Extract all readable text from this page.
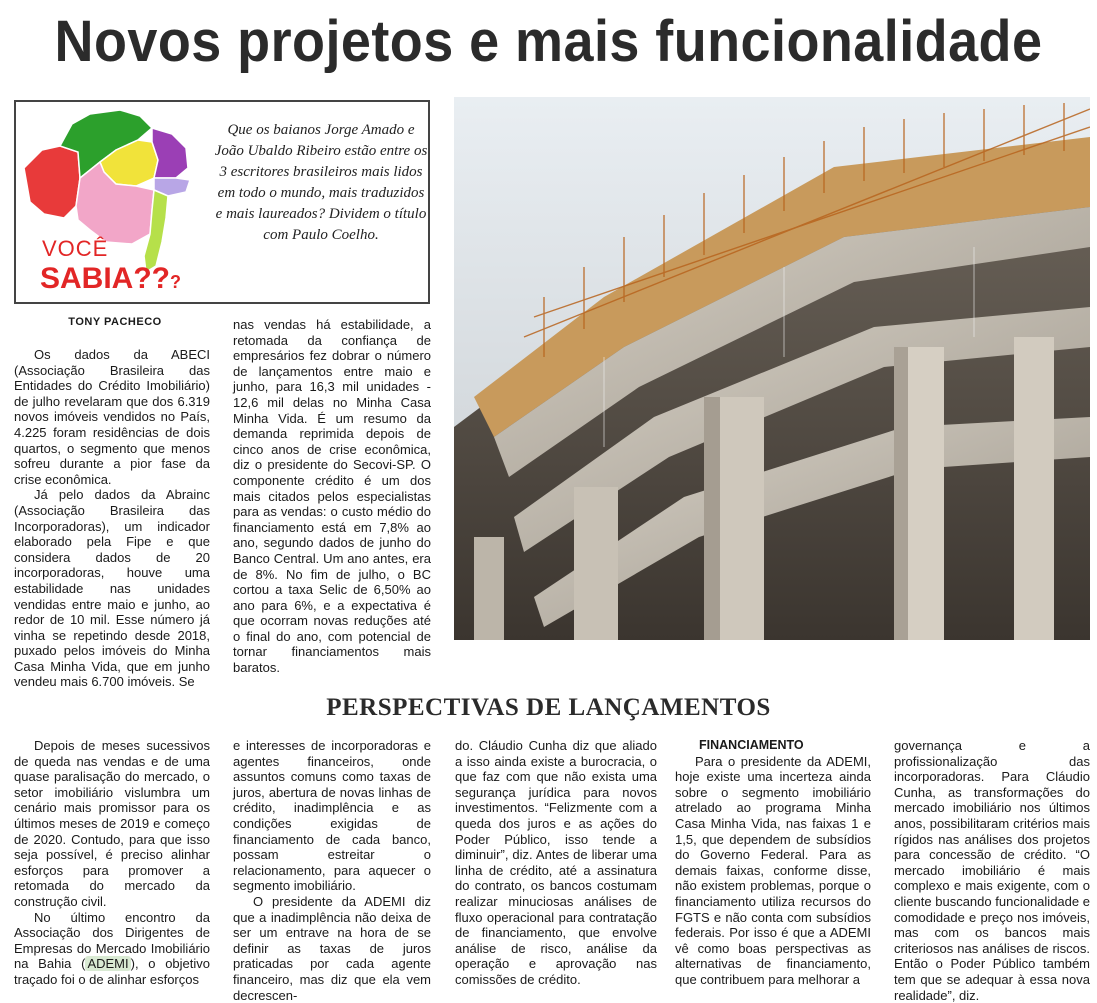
Novos projetos e mais funcionalidade
VOCÊ
SABIA???
Que os baianos Jorge Amado e João Ubaldo Ribeiro estão entre os 3 escritores brasileiros mais lidos em todo o mundo, mais traduzidos e mais laureados? Dividem o título com Paulo Coelho.
TONY PACHECO

Os dados da ABECI (Associação Brasileira das Entidades do Crédito Imobiliário) de julho revelaram que dos 6.319 novos imóveis vendidos no País, 4.225 foram residências de dois quartos, o segmento que menos sofreu durante a pior fase da crise econômica.

Já pelo dados da Abrainc (Associação Brasileira das Incorporadoras), um indicador elaborado pela Fipe e que considera dados de 20 incorporadoras, houve uma estabilidade nas unidades vendidas entre maio e junho, ao redor de 10 mil. Esse número já vinha se repetindo desde 2018, puxado pelos imóveis do Minha Casa Minha Vida, que em junho vendeu mais 6.700 imóveis. Se

nas vendas há estabilidade, a retomada da confiança de empresários fez dobrar o número de lançamentos entre maio e junho, para 16,3 mil unidades - 12,6 mil delas no Minha Casa Minha Vida. É um resumo da demanda reprimida depois de cinco anos de crise econômica, diz o presidente do Secovi-SP. O componente crédito é um dos mais citados pelos especialistas para as vendas: o custo médio do financiamento está em 7,8% ao ano, segundo dados de junho do Banco Central. Um ano antes, era de 8%. No fim de julho, o BC cortou a taxa Selic de 6,50% ao ano para 6%, e a expectativa é que ocorram novas reduções até o final do ano, com potencial de tornar financiamentos mais baratos.

PERSPECTIVAS DE LANÇAMENTOS

Depois de meses sucessivos de queda nas vendas e de uma quase paralisação do mercado, o setor imobiliário vislumbra um cenário mais promissor para os últimos meses de 2019 e começo de 2020. Contudo, para que isso seja possível, é preciso alinhar esforços para promover a retomada do mercado da construção civil.

No último encontro da Associação dos Dirigentes de Empresas do Mercado Imobiliário na Bahia ( ADEMI ), o objetivo traçado foi o de alinhar esforços

e interesses de incorporadoras e agentes financeiros, onde assuntos comuns como taxas de juros, abertura de novas linhas de crédito, inadimplência e as condições exigidas de financiamento de cada banco, possam estreitar o relacionamento, para aquecer o segmento imobiliário.

O presidente da ADEMI diz que a inadimplência não deixa de ser um entrave na hora de se definir as taxas de juros praticadas por cada agente financeiro, mas diz que ela vem decrescen-

do. Cláudio Cunha diz que aliado a isso ainda existe a burocracia, o que faz com que não exista uma segurança jurídica para novos investimentos. “Felizmente com a queda dos juros e as ações do Poder Público, isso tende a diminuir”, diz. Antes de liberar uma linha de crédito, até a assinatura do contrato, os bancos costumam realizar minuciosas análises de fluxo operacional para contratação de financiamento, que envolve análise de risco, análise da operação e aprovação nas comissões de crédito.

FINANCIAMENTO

Para o presidente da ADEMI, hoje existe uma incerteza ainda sobre o segmento imobiliário atrelado ao programa Minha Casa Minha Vida, nas faixas 1 e 1,5, que dependem de subsídios do Governo Federal. Para as demais faixas, conforme disse, não existem problemas, porque o financiamento utiliza recursos do FGTS e não conta com subsídios federais. Por isso é que a ADEMI vê como boas perspectivas as alternativas de financiamento, que contribuem para melhorar a

governança e a profissionalização das incorporadoras. Para Cláudio Cunha, as transformações do mercado imobiliário nos últimos anos, possibilitaram critérios mais rígidos nas análises dos projetos para concessão de crédito. “O mercado imobiliário é mais complexo e mais exigente, com o cliente buscando funcionalidade e comodidade e preço nos imóveis, mas com os bancos mais criteriosos nas análises de riscos. Então o Poder Público também tem que se adequar à essa nova realidade”, diz.
